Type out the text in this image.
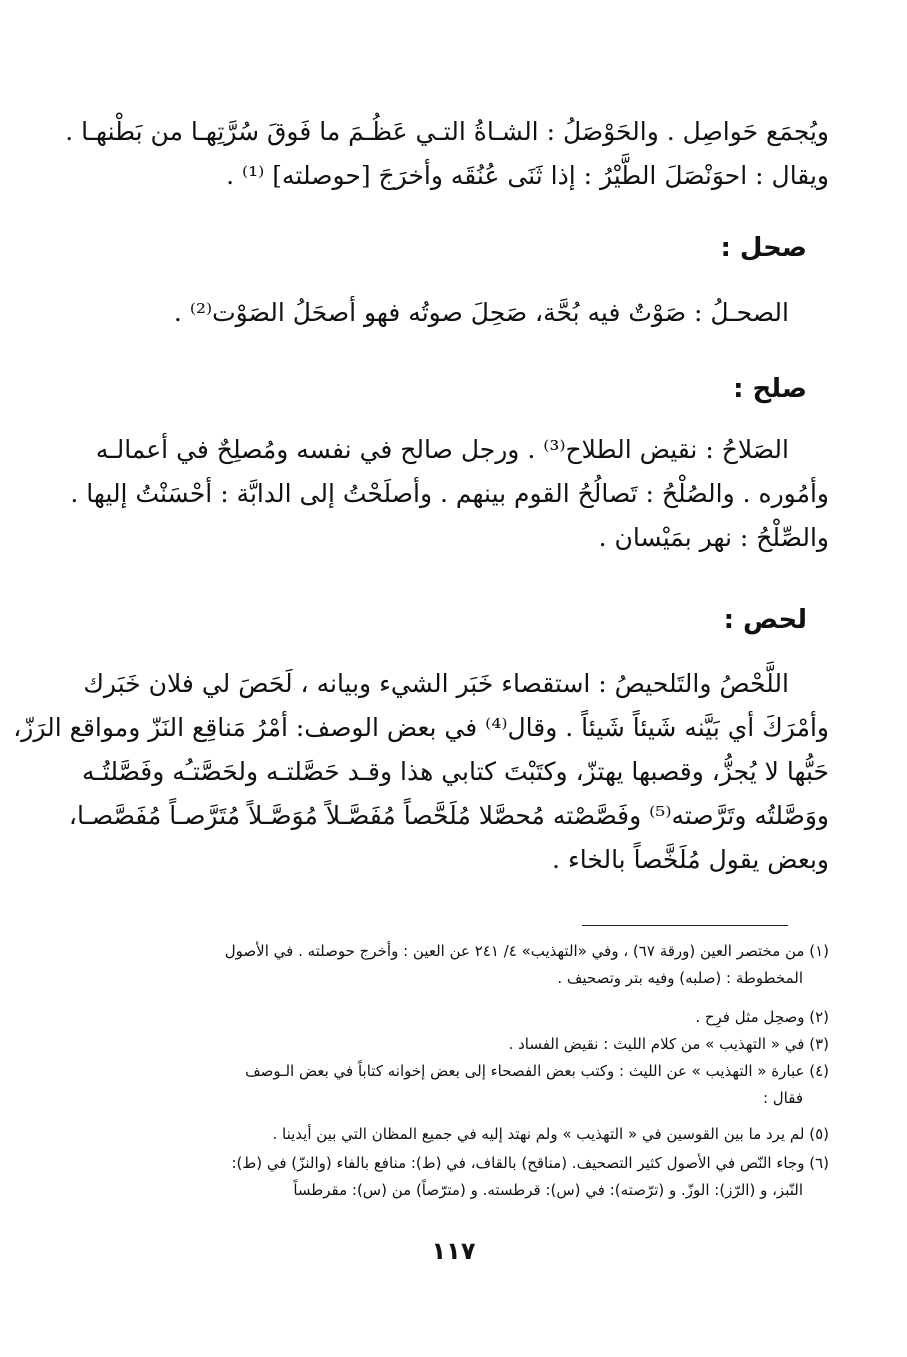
ويُجمَع حَواصِل . والحَوْصَلُ : الشـاةُ التـي عَظُـمَ ما فَوقَ سُرَّتِهـا من بَطْنهـا .
ويقال : احوَنْصَلَ الطَّيْرُ : إذا ثَنَى عُنُقَه وأخرَجَ [حوصلته] ⁽¹⁾ .
صحل :
الصحـلُ : صَوْتٌ فيه بُحَّة، صَحِلَ صوتُه فهو أصحَلُ الصَوْت⁽²⁾ .
صلح :
الصَلاحُ : نقيض الطلاح⁽³⁾ . ورجل صالح في نفسه ومُصلِحٌ في أعمالـه
وأمُوره . والصُلْحُ : تَصالُحُ القوم بينهم . وأصلَحْتُ إلى الدابَّة : أحْسَنْتُ إليها .
والصِّلْحُ : نهر بمَيْسان .
لحص :
اللَّحْصُ والتَلحيصُ : استقصاء خَبَر الشيء وبيانه ، لَحَصَ لي فلان خَبَرك
وأمْرَكَ أي بَيَّنه شَيئاً شَيئاً . وقال⁽⁴⁾ في بعض الوصف: أمْرُ مَناقِع النَزّ ومواقع الرَزّ،
حَبُّها لا يُجزُّ، وقصبها يهتزّ، وكتَبْتَ كتابي هذا وقـد حَصَّلتـه ولحَصَّتـُه وفَصَّلتُـه
ووَصَّلتُه وتَرَّصته⁽⁵⁾ وفَصَّصْته مُحصَّلا مُلَحَّصاً مُفَصَّـلاً مُوَصَّـلاً مُتَرَّصـاً مُفَصَّصـا،
وبعض يقول مُلَخَّصاً بالخاء .
(١) من مختصر العين (ورقة ٦٧) ، وفي «التهذيب» ٤/ ٢٤١ عن العين : وأخرج حوصلته . في الأصول
المخطوطة : (صلبه) وفيه بتر وتصحيف .
(٢) وصحِل مثل فرِح .
(٣) في « التهذيب » من كلام الليث : نقيض الفساد .
(٤) عبارة « التهذيب » عن الليث : وكتب بعض الفصحاء إلى بعض إخوانه كتاباً في بعض الـوصف
فقال :
(٥) لم يرد ما بين القوسين في « التهذيب » ولم نهتد إليه في جميع المظان التي بين أيدينا .
(٦) وجاء النّص في الأصول كثير التصحيف. (مناقح) بالقاف، في (ط): منافع بالفاء (والنزّ) في (ط):
النّبز، و (الرّز): الوزّ. و (ترّصته): في (س): قرطسته. و (مترّصاً) من (س): مقرطساً
١١٧
